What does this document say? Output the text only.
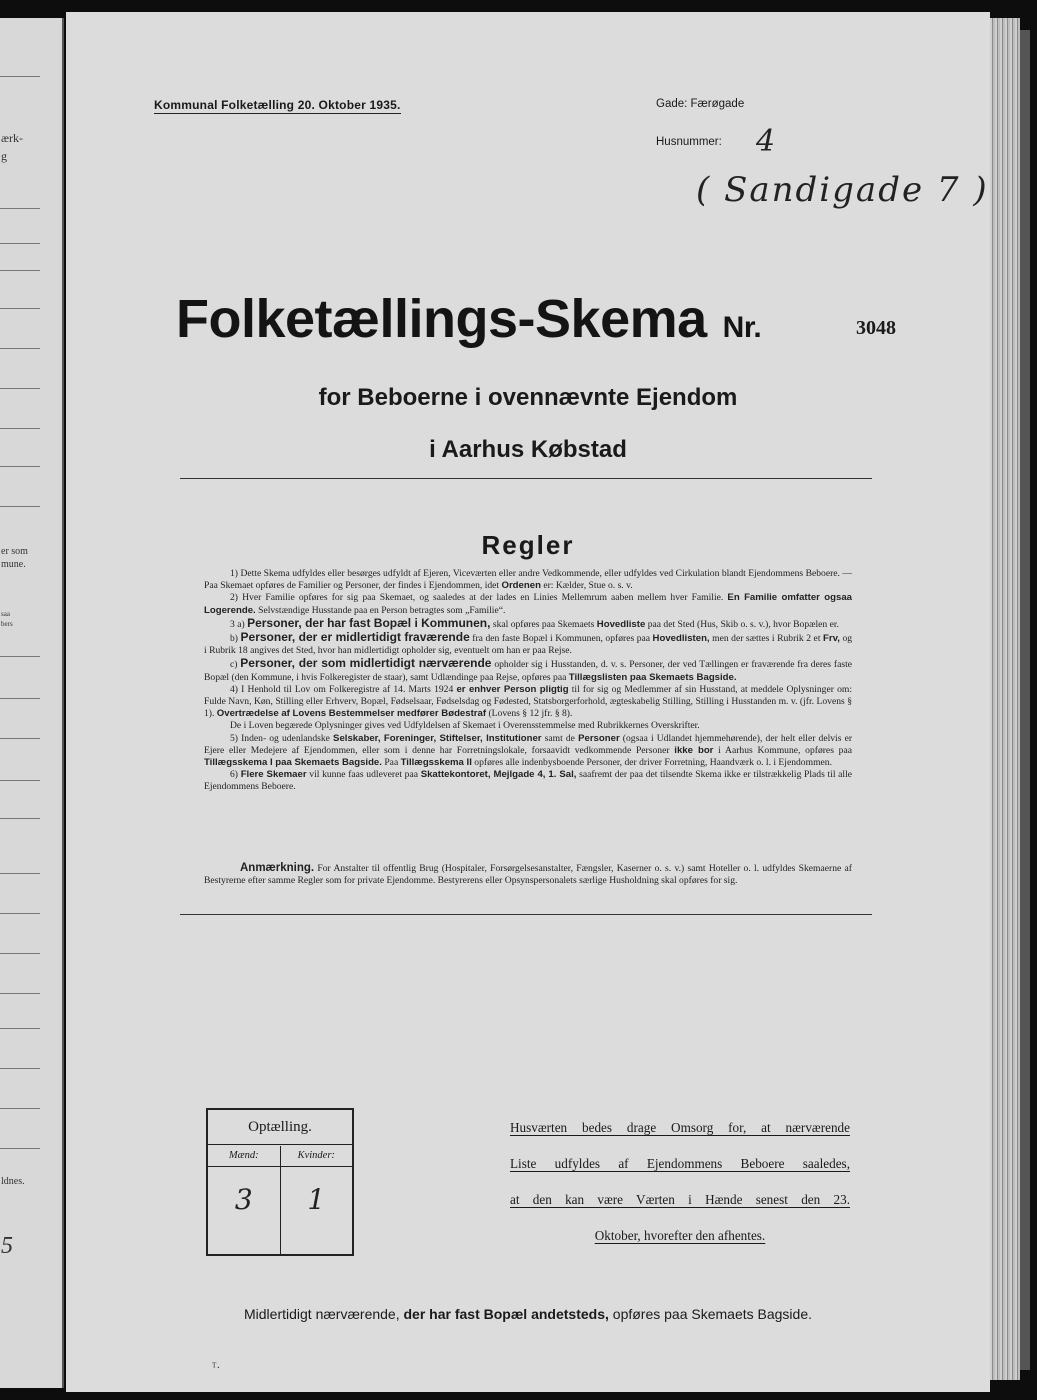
ærk-
g
er som
mune.
saa
bers
ldnes.
5
Kommunal Folketælling 20. Oktober 1935.	Gade: Færøgade
Husnummer: 4
( Sandigade 7 )
Folketællings-Skema Nr.	3048
for Beboerne i ovennævnte Ejendom
i Aarhus Købstad
Regler

1) Dette Skema udfyldes eller besørges udfyldt af Ejeren, Viceværten eller andre Vedkommende, eller udfyldes ved Cirkulation blandt Ejendommens Beboere. — Paa Skemaet opføres de Familier og Personer, der findes i Ejendommen, idet Ordenen er: Kælder, Stue o. s. v.

2) Hver Familie opføres for sig paa Skemaet, og saaledes at der lades en Linies Mellemrum aaben mellem hver Familie. En Familie omfatter ogsaa Logerende. Selvstændige Husstande paa en Person betragtes som „Familie“.

3 a) Personer, der har fast Bopæl i Kommunen, skal opføres paa Skemaets Hovedliste paa det Sted (Hus, Skib o. s. v.), hvor Bopælen er.

b) Personer, der er midlertidigt fraværende fra den faste Bopæl i Kommunen, opføres paa Hovedlisten, men der sættes i Rubrik 2 et Frv, og i Rubrik 18 angives det Sted, hvor han midlertidigt opholder sig, eventuelt om han er paa Rejse.

c) Personer, der som midlertidigt nærværende opholder sig i Husstanden, d. v. s. Personer, der ved Tællingen er fraværende fra deres faste Bopæl (den Kommune, i hvis Folkeregister de staar), samt Udlændinge paa Rejse, opføres paa Tillægslisten paa Skemaets Bagside.

4) I Henhold til Lov om Folkeregistre af 14. Marts 1924 er enhver Person pligtig til for sig og Medlemmer af sin Husstand, at meddele Oplysninger om: Fulde Navn, Køn, Stilling eller Erhverv, Bopæl, Fødselsaar, Fødselsdag og Fødested, Statsborgerforhold, ægteskabelig Stilling, Stilling i Husstanden m. v. (jfr. Lovens § 1). Overtrædelse af Lovens Bestemmelser medfører Bødestraf (Lovens § 12 jfr. § 8).

De i Loven begærede Oplysninger gives ved Udfyldelsen af Skemaet i Overensstemmelse med Rubrikkernes Overskrifter.

5) Inden- og udenlandske Selskaber, Foreninger, Stiftelser, Institutioner samt de Personer (ogsaa i Udlandet hjemmehørende), der helt eller delvis er Ejere eller Medejere af Ejendommen, eller som i denne har Forretningslokale, forsaavidt vedkommende Personer ikke bor i Aarhus Kommune, opføres paa Tillægsskema I paa Skemaets Bagside. Paa Tillægsskema II opføres alle indenbysboende Personer, der driver Forretning, Haandværk o. l. i Ejendommen.

6) Flere Skemaer vil kunne faas udleveret paa Skattekontoret, Mejlgade 4, 1. Sal, saafremt der paa det tilsendte Skema ikke er tilstrækkelig Plads til alle Ejendommens Beboere.

Anmærkning. For Anstalter til offentlig Brug (Hospitaler, Forsørgelsesanstalter, Fængsler, Kaserner o. s. v.) samt Hoteller o. l. udfyldes Skemaerne af Bestyrerne efter samme Regler som for private Ejendomme. Bestyrerens eller Opsynspersonalets særlige Husholdning skal opføres for sig.

Optælling.
Mænd:
3
Kvinder:
1
Husværten bedes drage Omsorg for, at nærværende
Liste udfyldes af Ejendommens Beboere saaledes,
at den kan være Værten i Hænde senest den 23.
Oktober, hvorefter den afhentes.
Midlertidigt nærværende, der har fast Bopæl andetsteds, opføres paa Skemaets Bagside.
ᵀ·
